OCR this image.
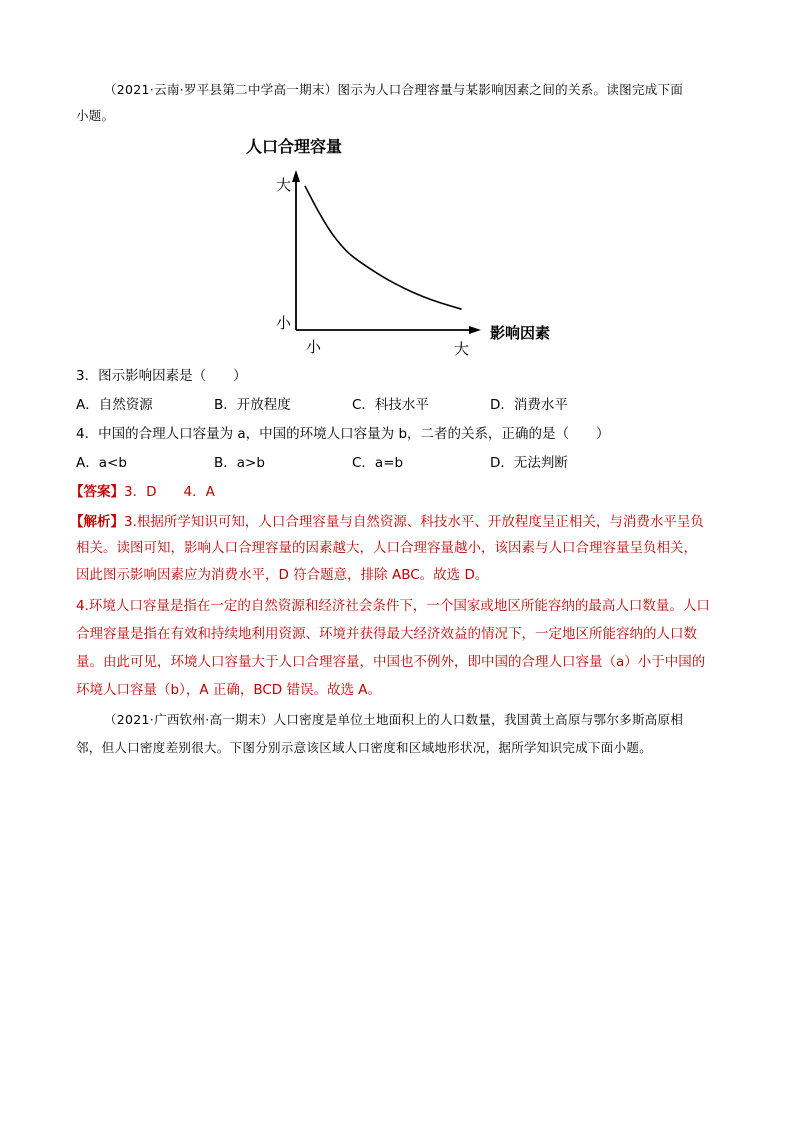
（2021·云南·罗平县第二中学高一期末）图示为人口合理容量与某影响因素之间的关系。读图完成下面
小题。
人口合理容量
大
小
小	大
影响因素
3．图示影响因素是（　　）
A．自然资源	B．开放程度	C．科技水平	D．消费水平
4．中国的合理人口容量为 a，中国的环境人口容量为 b，二者的关系，正确的是（　　）
A．a<b	B．a>b	C．a=b	D．无法判断
【答案】3．D　　4．A
【解析】3.根据所学知识可知，人口合理容量与自然资源、科技水平、开放程度呈正相关，与消费水平呈负
相关。读图可知，影响人口合理容量的因素越大，人口合理容量越小，该因素与人口合理容量呈负相关，
因此图示影响因素应为消费水平，D 符合题意，排除 ABC。故选 D。
4.环境人口容量是指在一定的自然资源和经济社会条件下，一个国家或地区所能容纳的最高人口数量。人口
合理容量是指在有效和持续地利用资源、环境并获得最大经济效益的情况下，一定地区所能容纳的人口数
量。由此可见，环境人口容量大于人口合理容量，中国也不例外，即中国的合理人口容量（a）小于中国的
环境人口容量（b），A 正确，BCD 错误。故选 A。
（2021·广西钦州·高一期末）人口密度是单位土地面积上的人口数量，我国黄土高原与鄂尔多斯高原相
邻，但人口密度差别很大。下图分别示意该区域人口密度和区域地形状况，据所学知识完成下面小题。
